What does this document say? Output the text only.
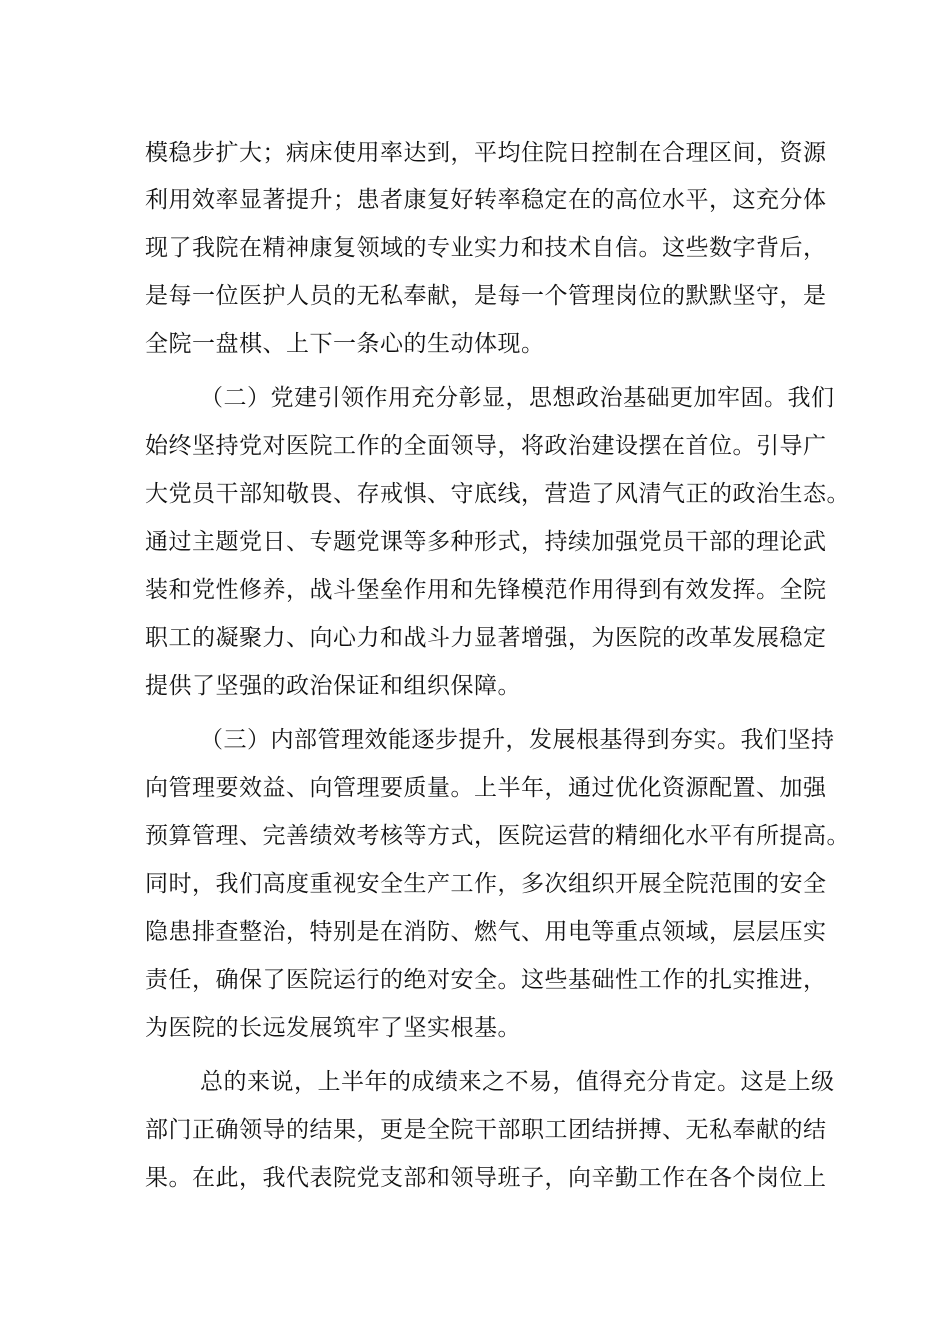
模稳步扩大；病床使用率达到，平均住院日控制在合理区间，资源
利用效率显著提升；患者康复好转率稳定在的高位水平，这充分体
现了我院在精神康复领域的专业实力和技术自信。这些数字背后，
是每一位医护人员的无私奉献，是每一个管理岗位的默默坚守，是
全院一盘棋、上下一条心的生动体现。
（二）党建引领作用充分彰显，思想政治基础更加牢固。我们
始终坚持党对医院工作的全面领导，将政治建设摆在首位。引导广
大党员干部知敬畏、存戒惧、守底线，营造了风清气正的政治生态。
通过主题党日、专题党课等多种形式，持续加强党员干部的理论武
装和党性修养，战斗堡垒作用和先锋模范作用得到有效发挥。全院
职工的凝聚力、向心力和战斗力显著增强，为医院的改革发展稳定
提供了坚强的政治保证和组织保障。
（三）内部管理效能逐步提升，发展根基得到夯实。我们坚持
向管理要效益、向管理要质量。上半年，通过优化资源配置、加强
预算管理、完善绩效考核等方式，医院运营的精细化水平有所提高。
同时，我们高度重视安全生产工作，多次组织开展全院范围的安全
隐患排查整治，特别是在消防、燃气、用电等重点领域，层层压实
责任，确保了医院运行的绝对安全。这些基础性工作的扎实推进，
为医院的长远发展筑牢了坚实根基。
总的来说，上半年的成绩来之不易，值得充分肯定。这是上级
部门正确领导的结果，更是全院干部职工团结拼搏、无私奉献的结
果。在此，我代表院党支部和领导班子，向辛勤工作在各个岗位上
